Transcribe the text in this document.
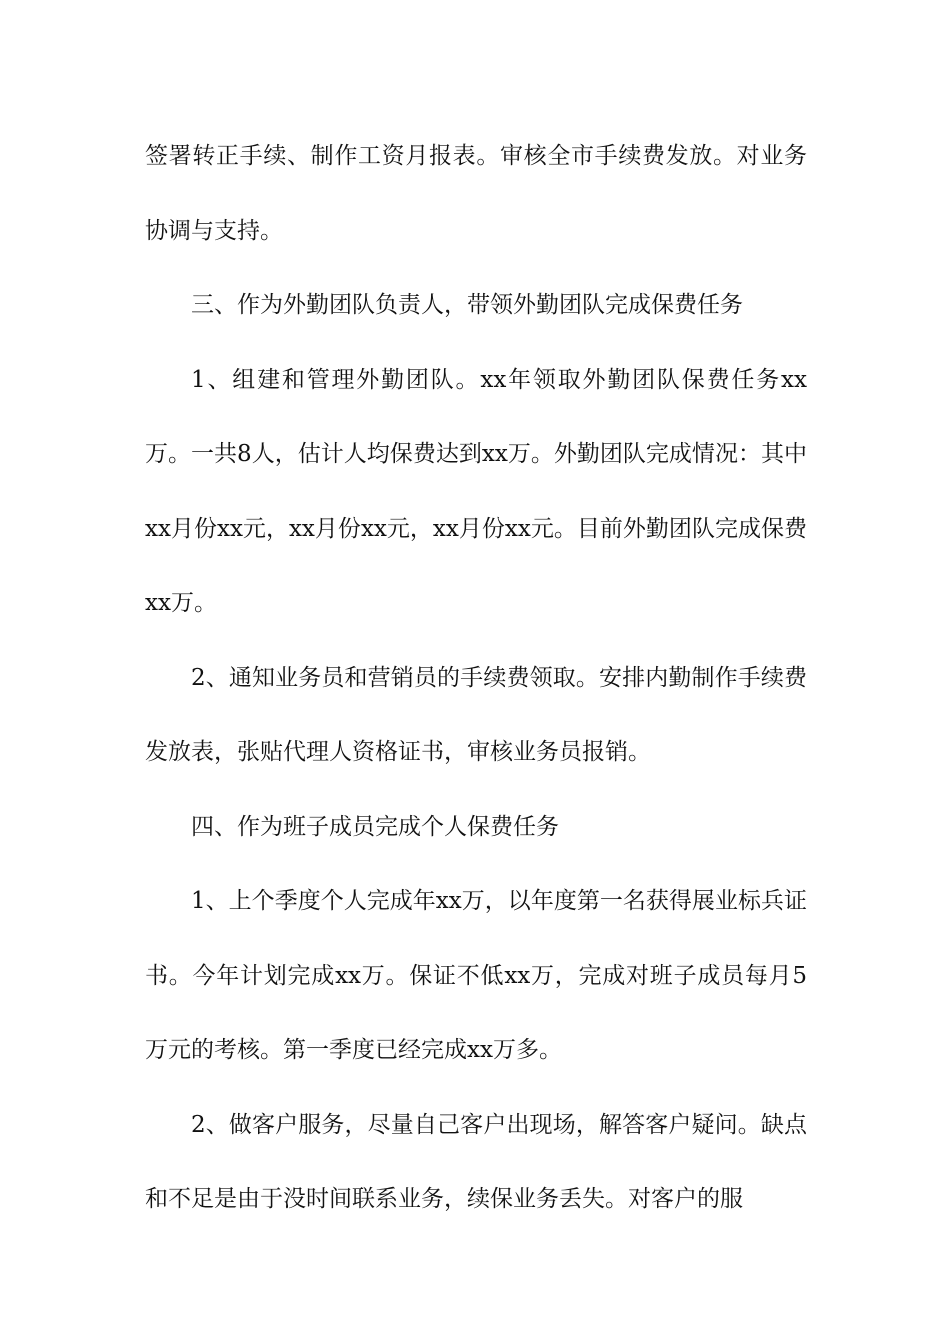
签署转正手续、制作工资月报表。审核全市手续费发放。对业务协调与支持。

三、作为外勤团队负责人，带领外勤团队完成保费任务

1、组建和管理外勤团队。xx年领取外勤团队保费任务xx万。一共8人，估计人均保费达到xx万。外勤团队完成情况：其中xx月份xx元，xx月份xx元，xx月份xx元。目前外勤团队完成保费xx万。

2、通知业务员和营销员的手续费领取。安排内勤制作手续费发放表，张贴代理人资格证书，审核业务员报销。

四、作为班子成员完成个人保费任务

1、上个季度个人完成年xx万，以年度第一名获得展业标兵证书。今年计划完成xx万。保证不低xx万，完成对班子成员每月5万元的考核。第一季度已经完成xx万多。

2、做客户服务，尽量自己客户出现场，解答客户疑问。缺点和不足是由于没时间联系业务，续保业务丢失。对客户的服
